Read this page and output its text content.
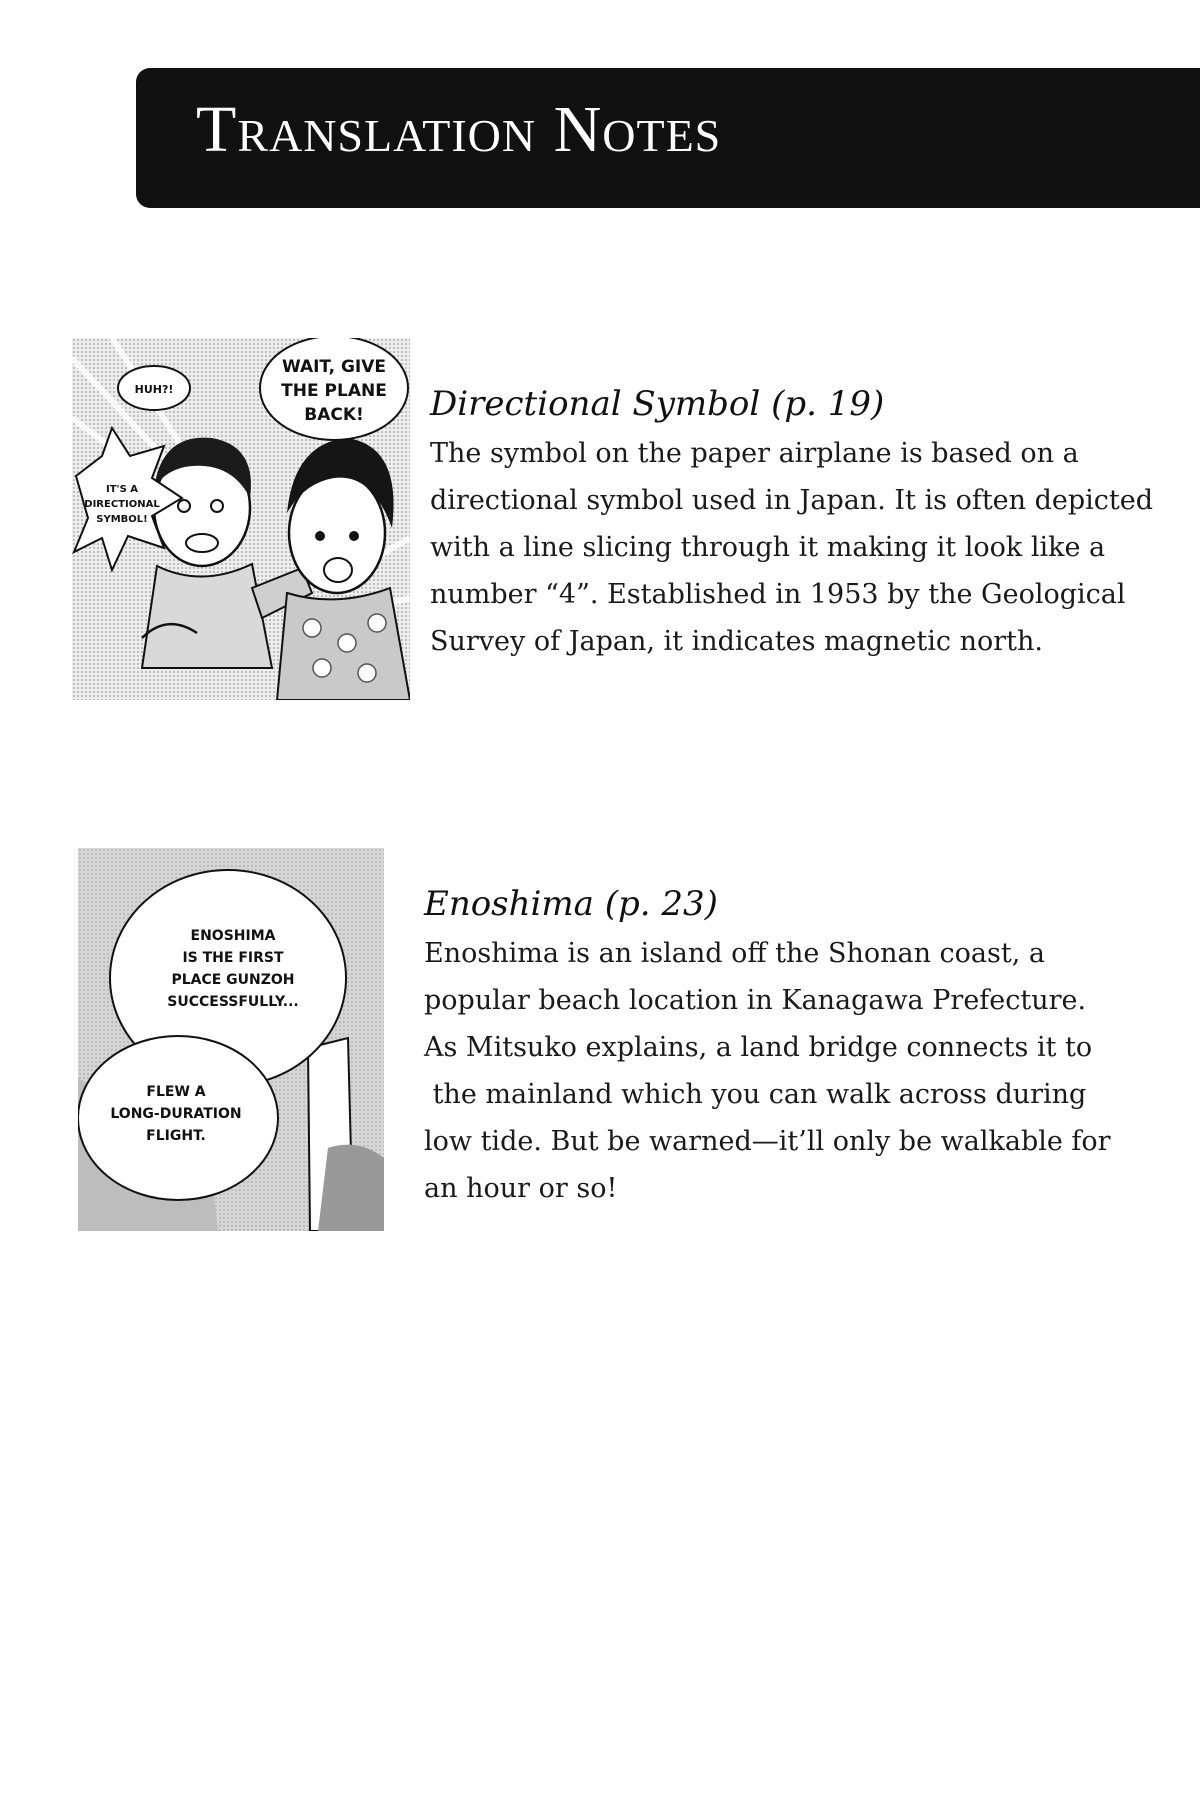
Translation Notes
HUH?!
WAIT, GIVE
THE PLANE
BACK!
IT'S A
DIRECTIONAL
SYMBOL!
Directional Symbol (p. 19)
The symbol on the paper airplane is based on a
directional symbol used in Japan. It is often depicted
with a line slicing through it making it look like a
number “4”. Established in 1953 by the Geological
Survey of Japan, it indicates magnetic north.
ENOSHIMA
IS THE FIRST
PLACE GUNZOH
SUCCESSFULLY...
FLEW A
LONG-DURATION
FLIGHT.
Enoshima (p. 23)
Enoshima is an island off the Shonan coast, a
popular beach location in Kanagawa Prefecture.
As Mitsuko explains, a land bridge connects it to
the mainland which you can walk across during
low tide. But be warned—it’ll only be walkable for
an hour or so!
